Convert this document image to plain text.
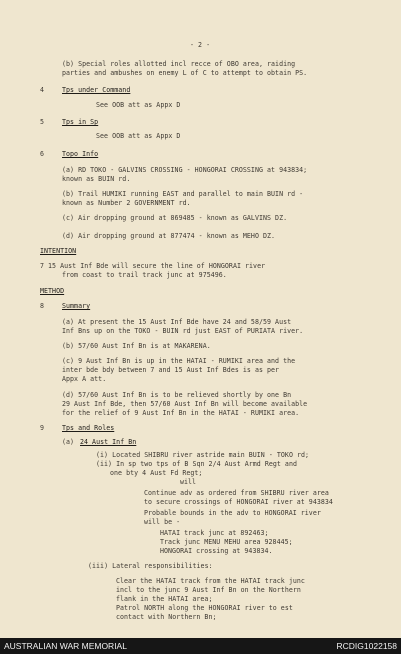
- 2 -
(b) Special roles allotted incl recce of OBO area, raiding
parties and ambushes on enemy L of C to attempt to obtain PS.
4	Tps under Command
See OOB att as Appx D
5	Tps in Sp
See OOB att as Appx D
6	Topo Info
(a) RD TOKO - GALVINS CROSSING - HONGORAI CROSSING at 943834;
known as BUIN rd.
(b) Trail HUMIKI running EAST and parallel to main BUIN rd -
known as Number 2 GOVERNMENT rd.
(c) Air dropping ground at 869485 - known as GALVINS DZ.
(d) Air dropping ground at 877474 - known as MEHO DZ.
INTENTION
7 15 Aust Inf Bde will secure the line of HONGORAI river
from coast to trail track junc at 975496.
METHOD
8	Summary
(a) At present the 15 Aust Inf Bde have 24 and 58/59 Aust
Inf Bns up on the TOKO - BUIN rd just EAST of PURIATA river.
(b) 57/60 Aust Inf Bn is at MAKARENA.
(c) 9 Aust Inf Bn is up in the HATAI - RUMIKI area and the
inter bde bdy between 7 and 15 Aust Inf Bdes is as per
Appx A att.
(d) 57/60 Aust Inf Bn is to be relieved shortly by one Bn
29 Aust Inf Bde, then 57/60 Aust Inf Bn will become available
for the relief of 9 Aust Inf Bn in the HATAI - RUMIKI area.
9	Tps and Roles
(a) 24 Aust Inf Bn
(i) Located SHIBRU river astride main BUIN - TOKO rd;
(ii) In sp two tps of B Sqn 2/4 Aust Armd Regt and
one bty 4 Aust Fd Regt;
will
Continue adv as ordered from SHIBRU river area
to secure crossings of HONGORAI river at 943834
Probable bounds in the adv to HONGORAI river
will be -
HATAI track junc at 892463;
Track junc MENU MEHU area 928445;
HONGORAI crossing at 943834.
(iii) Lateral responsibilities:
Clear the HATAI track from the HATAI track junc
incl to the junc 9 Aust Inf Bn on the Northern
flank in the HATAI area;
Patrol NORTH along the HONGORAI river to est
contact with Northern Bn;
AUSTRALIAN WAR MEMORIAL	RCDIG1022158
